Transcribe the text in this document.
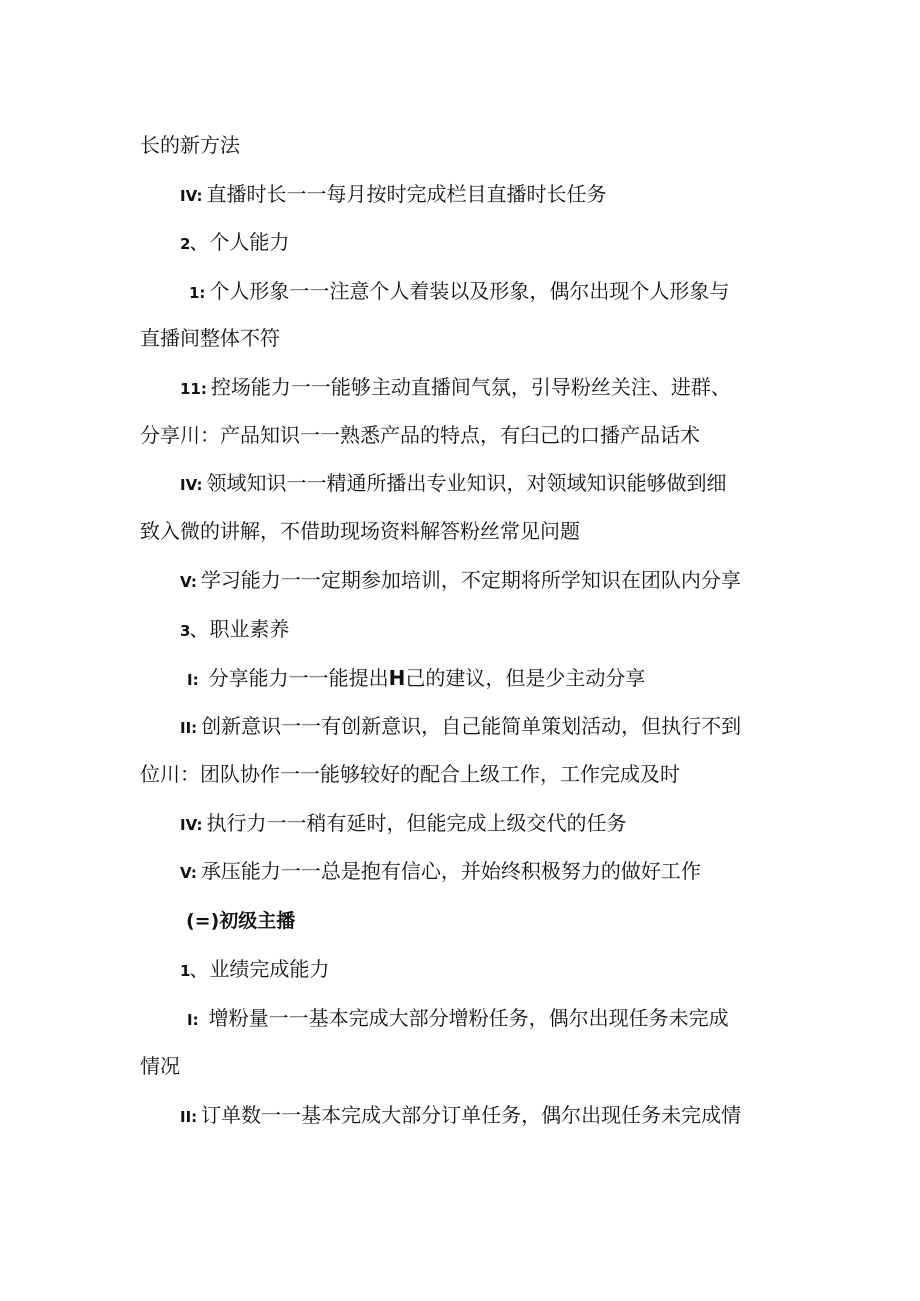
长的新方法
IV: 直播时长一一每月按时完成栏目直播时长任务
2、 个人能力
1: 个人形象一一注意个人着装以及形象，偶尔出现个人形象与
直播间整体不符
11: 控场能力一一能够主动直播间气氛，引导粉丝关注、进群、
分享川：产品知识一一熟悉产品的特点，有臼己的口播产品话术
IV: 领域知识一一精通所播出专业知识，对领域知识能够做到细
致入微的讲解，不借助现场资料解答粉丝常见问题
V: 学习能力一一定期参加培训，不定期将所学知识在团队内分享
3、 职业素养
I: 分享能力一一能提出H己的建议，但是少主动分享
II: 创新意识一一有创新意识，自己能简单策划活动，但执行不到
位川：团队协作一一能够较好的配合上级工作，工作完成及时
IV: 执行力一一稍有延时，但能完成上级交代的任务
V: 承压能力一一总是抱有信心，并始终积极努力的做好工作
(=)初级主播
1、 业绩完成能力
I: 增粉量一一基本完成大部分增粉任务，偶尔出现任务未完成
情况
II: 订单数一一基本完成大部分订单任务，偶尔出现任务未完成情
